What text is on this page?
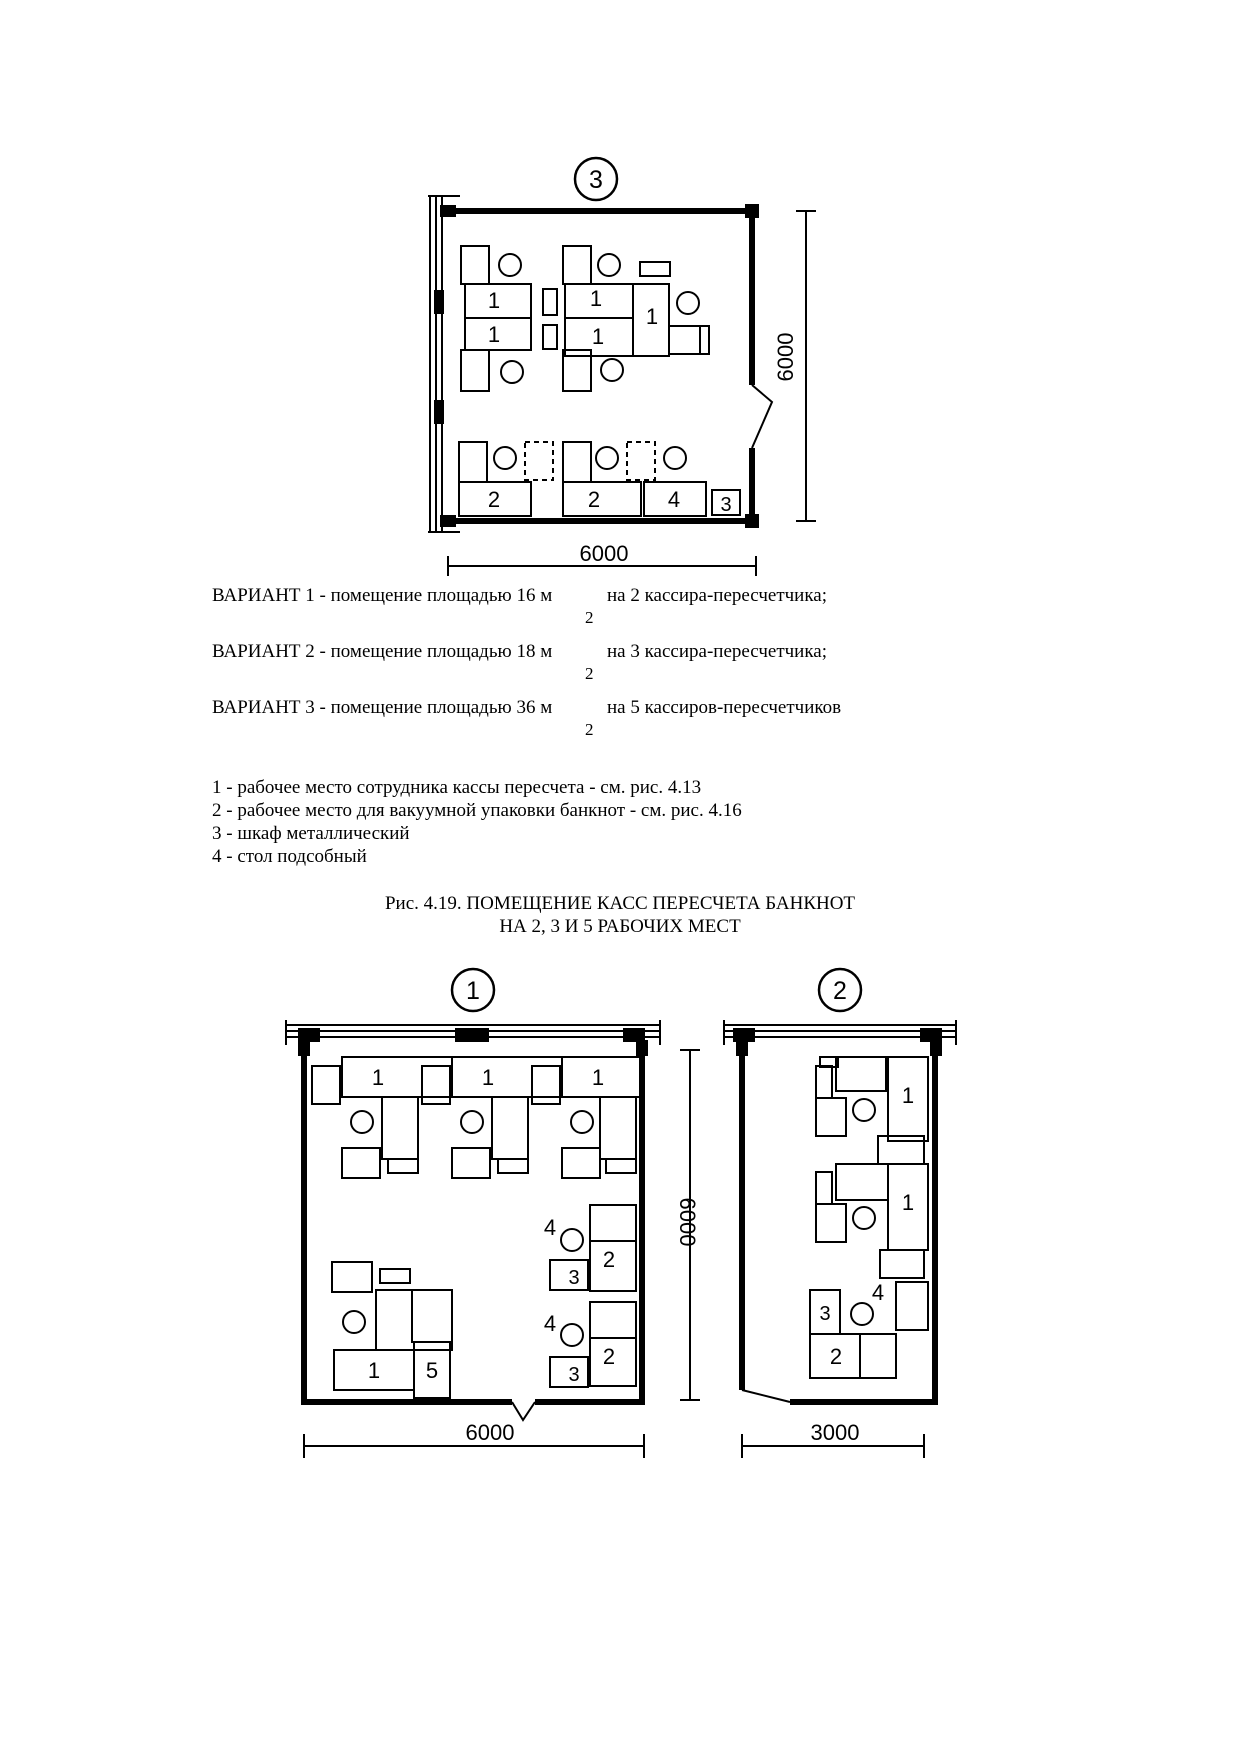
3
1
1
1
1
1
2	2	4 3
6000
6000
ВАРИАНТ 1 - помещение площадью 16 м
2
на 2 кассира-пересчетчика;
ВАРИАНТ 2 - помещение площадью 18 м
2
на 3 кассира-пересчетчика;
ВАРИАНТ 3 - помещение площадью 36 м
2
на 5 кассиров-пересчетчиков
1 - рабочее место сотрудника кассы пересчета - см. рис. 4.13
2 - рабочее место для вакуумной упаковки банкнот - см. рис. 4.16
3 - шкаф металлический
4 - стол подсобный
Рис. 4.19. ПОМЕЩЕНИЕ КАСС ПЕРЕСЧЕТА БАНКНОТ
НА 2, 3 И 5 РАБОЧИХ МЕСТ
1
1	1	1
2
3
4
2
3
4
1 5
6000
6000
2
1
1
3
4
2
3000
